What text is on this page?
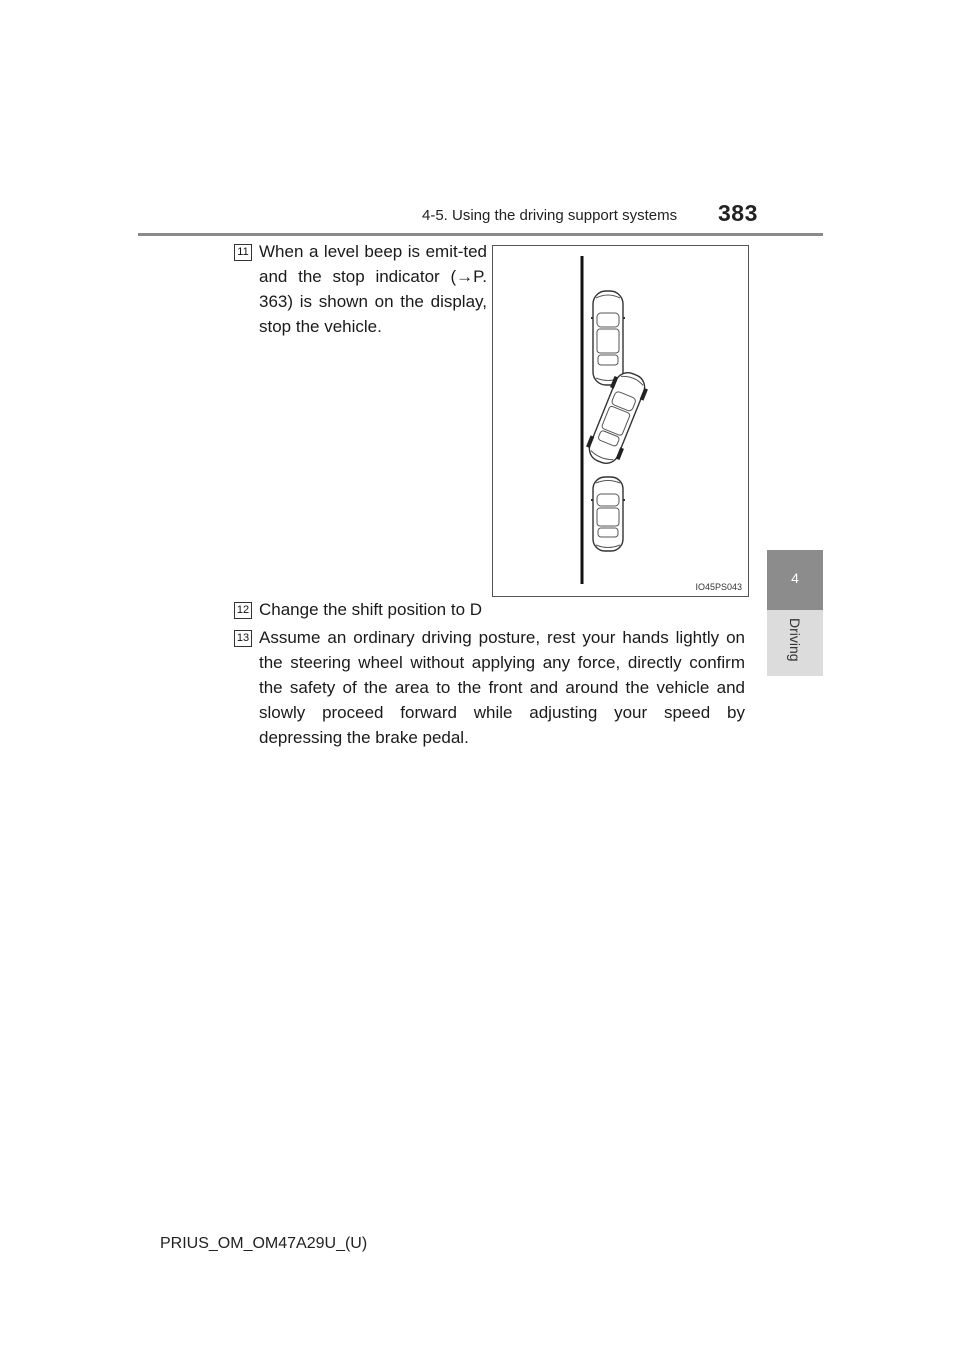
4-5. Using the driving support systems 383
4
Driving
11 When a level beep is emit-ted and the stop indicator (→P. 363) is shown on the display, stop the vehicle.
IO45PS043
12 Change the shift position to D
13 Assume an ordinary driving posture, rest your hands lightly on the steering wheel without applying any force, directly confirm the safety of the area to the front and around the vehicle and slowly proceed forward while adjusting your speed by depressing the brake pedal.
PRIUS_OM_OM47A29U_(U)
